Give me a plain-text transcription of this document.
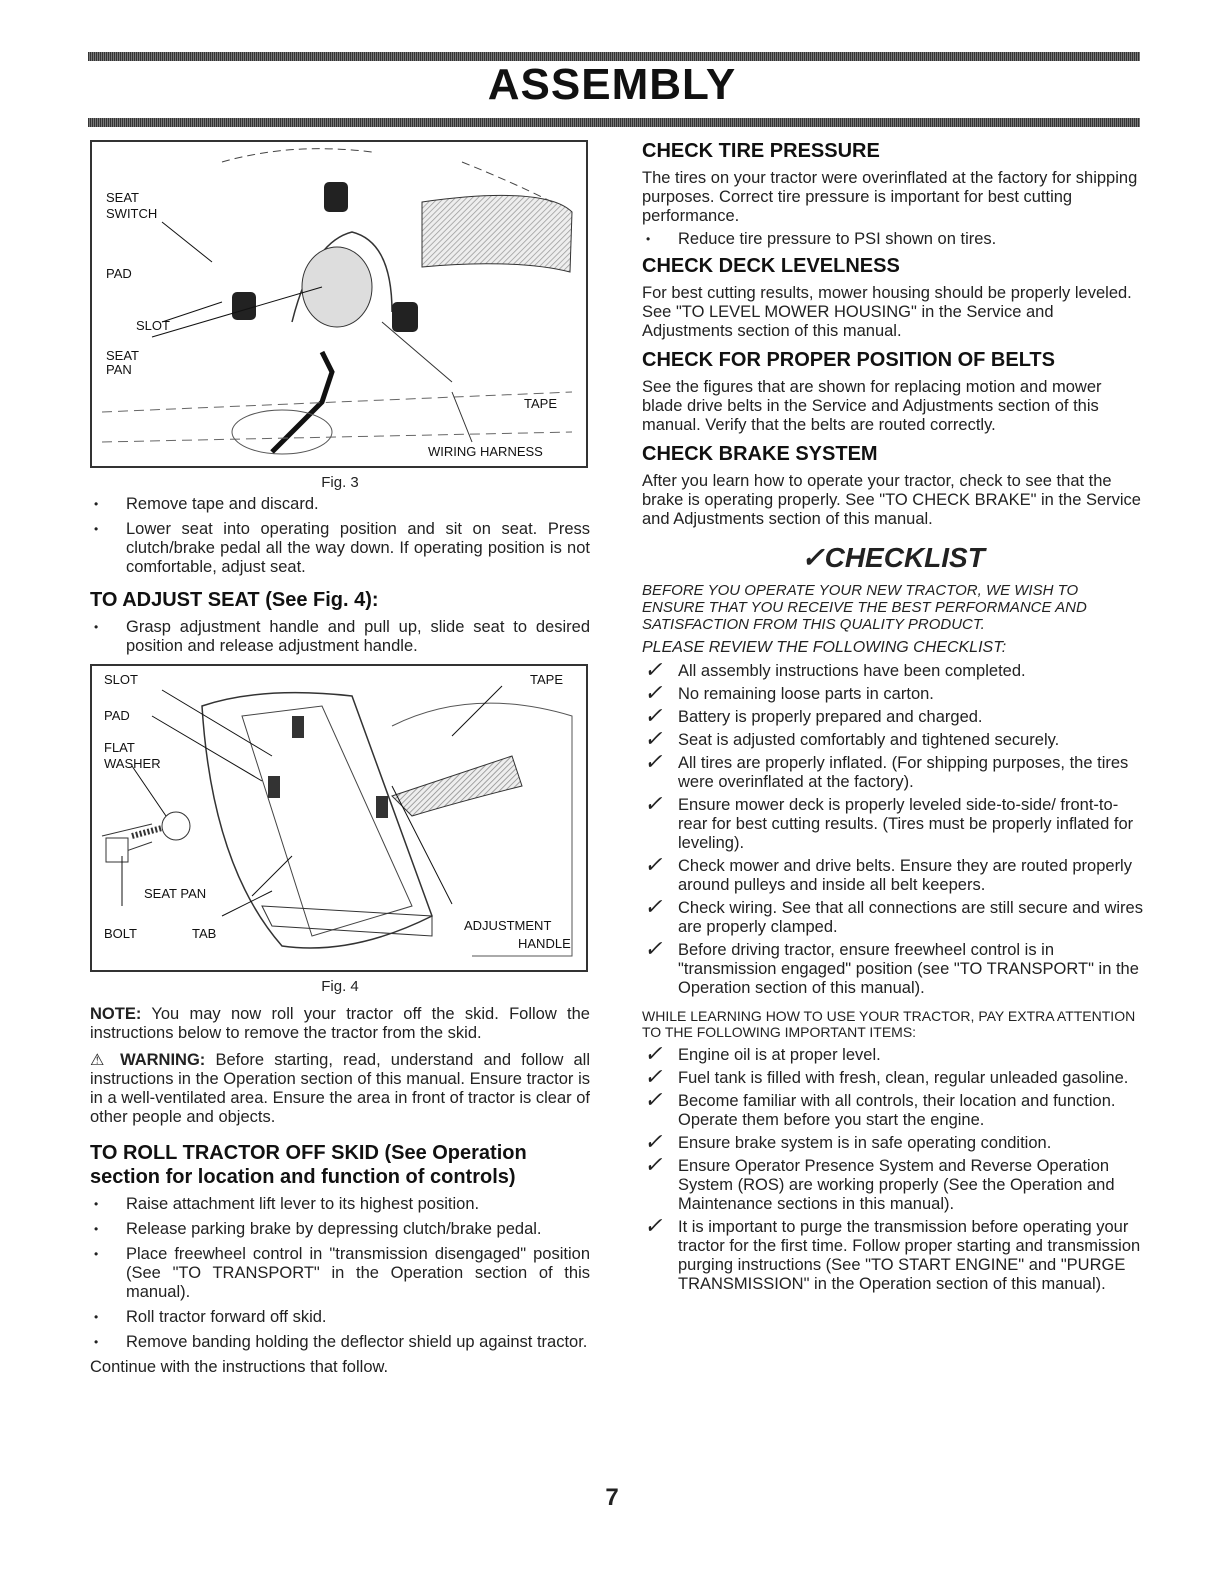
ASSEMBLY
SEAT
SWITCH
PAD
SLOT
SEAT
PAN
TAPE
WIRING HARNESS
Fig. 3
• Remove tape and discard.
• Lower seat into operating position and sit on seat. Press clutch/brake pedal all the way down. If operating position is not comfortable, adjust seat.
TO ADJUST SEAT (See Fig. 4):
• Grasp adjustment handle and pull up, slide seat to desired position and release adjustment handle.
SLOT	TAPE
PAD
FLAT
WASHER
SEAT PAN
BOLT	TAB
ADJUSTMENT
HANDLE
Fig. 4

NOTE: You may now roll your tractor off the skid. Follow the instructions below to remove the tractor from the skid.

⚠ WARNING: Before starting, read, understand and follow all instructions in the Operation section of this manual. Ensure tractor is in a well-ventilated area. Ensure the area in front of tractor is clear of other people and objects.

TO ROLL TRACTOR OFF SKID (See Operation section for location and function of controls)
• Raise attachment lift lever to its highest position.
• Release parking brake by depressing clutch/brake pedal.
• Place freewheel control in "transmission disengaged" position (See "TO TRANSPORT" in the Operation section of this manual).
• Roll tractor forward off skid.
• Remove banding holding the deflector shield up against tractor.

Continue with the instructions that follow.

CHECK TIRE PRESSURE

The tires on your tractor were overinflated at the factory for shipping purposes. Correct tire pressure is important for best cutting performance.

• Reduce tire pressure to PSI shown on tires.
CHECK DECK LEVELNESS

For best cutting results, mower housing should be properly leveled. See "TO LEVEL MOWER HOUSING" in the Service and Adjustments section of this manual.

CHECK FOR PROPER POSITION OF BELTS

See the figures that are shown for replacing motion and mower blade drive belts in the Service and Adjustments section of this manual. Verify that the belts are routed correctly.

CHECK BRAKE SYSTEM

After you learn how to operate your tractor, check to see that the brake is operating properly. See "TO CHECK BRAKE" in the Service and Adjustments section of this manual.

✓CHECKLIST

BEFORE YOU OPERATE YOUR NEW TRACTOR, WE WISH TO ENSURE THAT YOU RECEIVE THE BEST PERFORMANCE AND SATISFACTION FROM THIS QUALITY PRODUCT.

PLEASE REVIEW THE FOLLOWING CHECKLIST:

✓ All assembly instructions have been completed.
✓ No remaining loose parts in carton.
✓ Battery is properly prepared and charged.
✓ Seat is adjusted comfortably and tightened securely.
✓ All tires are properly inflated. (For shipping purposes, the tires were overinflated at the factory).
✓ Ensure mower deck is properly leveled side-to-side/ front-to-rear for best cutting results. (Tires must be properly inflated for leveling).
✓ Check mower and drive belts. Ensure they are routed properly around pulleys and inside all belt keepers.
✓ Check wiring. See that all connections are still secure and wires are properly clamped.
✓ Before driving tractor, ensure freewheel control is in "transmission engaged" position (see "TO TRANSPORT" in the Operation section of this manual).

WHILE LEARNING HOW TO USE YOUR TRACTOR, PAY EXTRA ATTENTION TO THE FOLLOWING IMPORTANT ITEMS:

✓ Engine oil is at proper level.
✓ Fuel tank is filled with fresh, clean, regular unleaded gasoline.
✓ Become familiar with all controls, their location and function. Operate them before you start the engine.
✓ Ensure brake system is in safe operating condition.
✓ Ensure Operator Presence System and Reverse Operation System (ROS) are working properly (See the Operation and Maintenance sections in this manual).
✓ It is important to purge the transmission before operating your tractor for the first time. Follow proper starting and transmission purging instructions (See "TO START ENGINE" and "PURGE TRANSMISSION" in the Operation section of this manual).
7
